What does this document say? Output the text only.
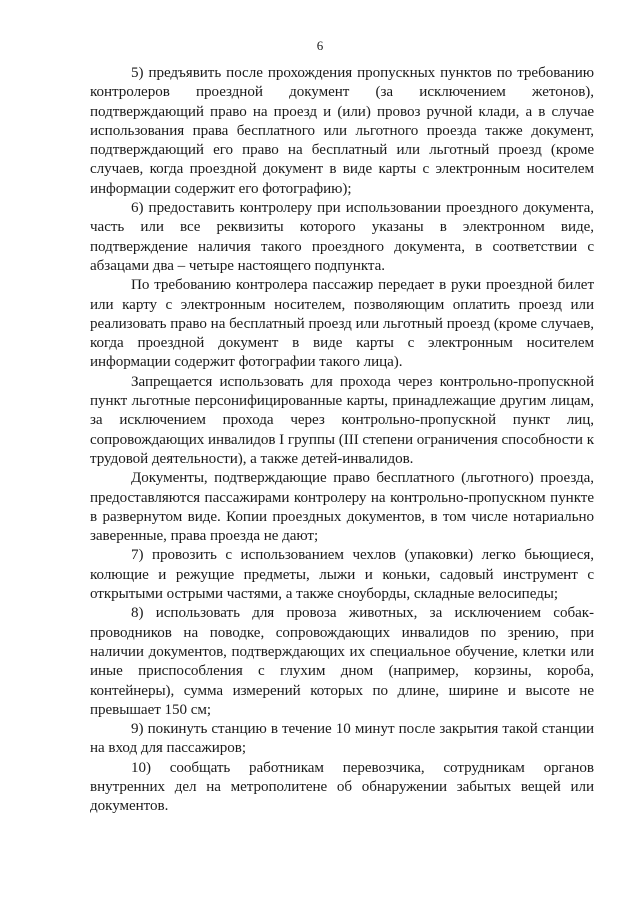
6

5) предъявить после прохождения пропускных пунктов по требованию контролеров проездной документ (за исключением жетонов), подтверждающий право на проезд и (или) провоз ручной клади, а в случае использования права бесплатного или льготного проезда также документ, подтверждающий его право на бесплатный или льготный проезд (кроме случаев, когда проездной документ в виде карты с электронным носителем информации содержит его фотографию);

6) предоставить контролеру при использовании проездного документа, часть или все реквизиты которого указаны в электронном виде, подтверждение наличия такого проездного документа, в соответствии с абзацами два – четыре настоящего подпункта.

По требованию контролера пассажир передает в руки проездной билет или карту с электронным носителем, позволяющим оплатить проезд или реализовать право на бесплатный проезд или льготный проезд (кроме случаев, когда проездной документ в виде карты с электронным носителем информации содержит фотографии такого лица).

Запрещается использовать для прохода через контрольно-пропускной пункт льготные персонифицированные карты, принадлежащие другим лицам, за исключением прохода через контрольно-пропускной пункт лиц, сопровождающих инвалидов I группы (III степени ограничения способности к трудовой деятельности), а также детей-инвалидов.

Документы, подтверждающие право бесплатного (льготного) проезда, предоставляются пассажирами контролеру на контрольно-пропускном пункте в развернутом виде. Копии проездных документов, в том числе нотариально заверенные, права проезда не дают;

7) провозить с использованием чехлов (упаковки) легко бьющиеся, колющие и режущие предметы, лыжи и коньки, садовый инструмент с открытыми острыми частями, а также сноуборды, складные велосипеды;

8) использовать для провоза животных, за исключением собак-проводников на поводке, сопровождающих инвалидов по зрению, при наличии документов, подтверждающих их специальное обучение, клетки или иные приспособления с глухим дном (например, корзины, короба, контейнеры), сумма измерений которых по длине, ширине и высоте не превышает 150 см;

9) покинуть станцию в течение 10 минут после закрытия такой станции на вход для пассажиров;

10) сообщать работникам перевозчика, сотрудникам органов внутренних дел на метрополитене об обнаружении забытых вещей или документов.
